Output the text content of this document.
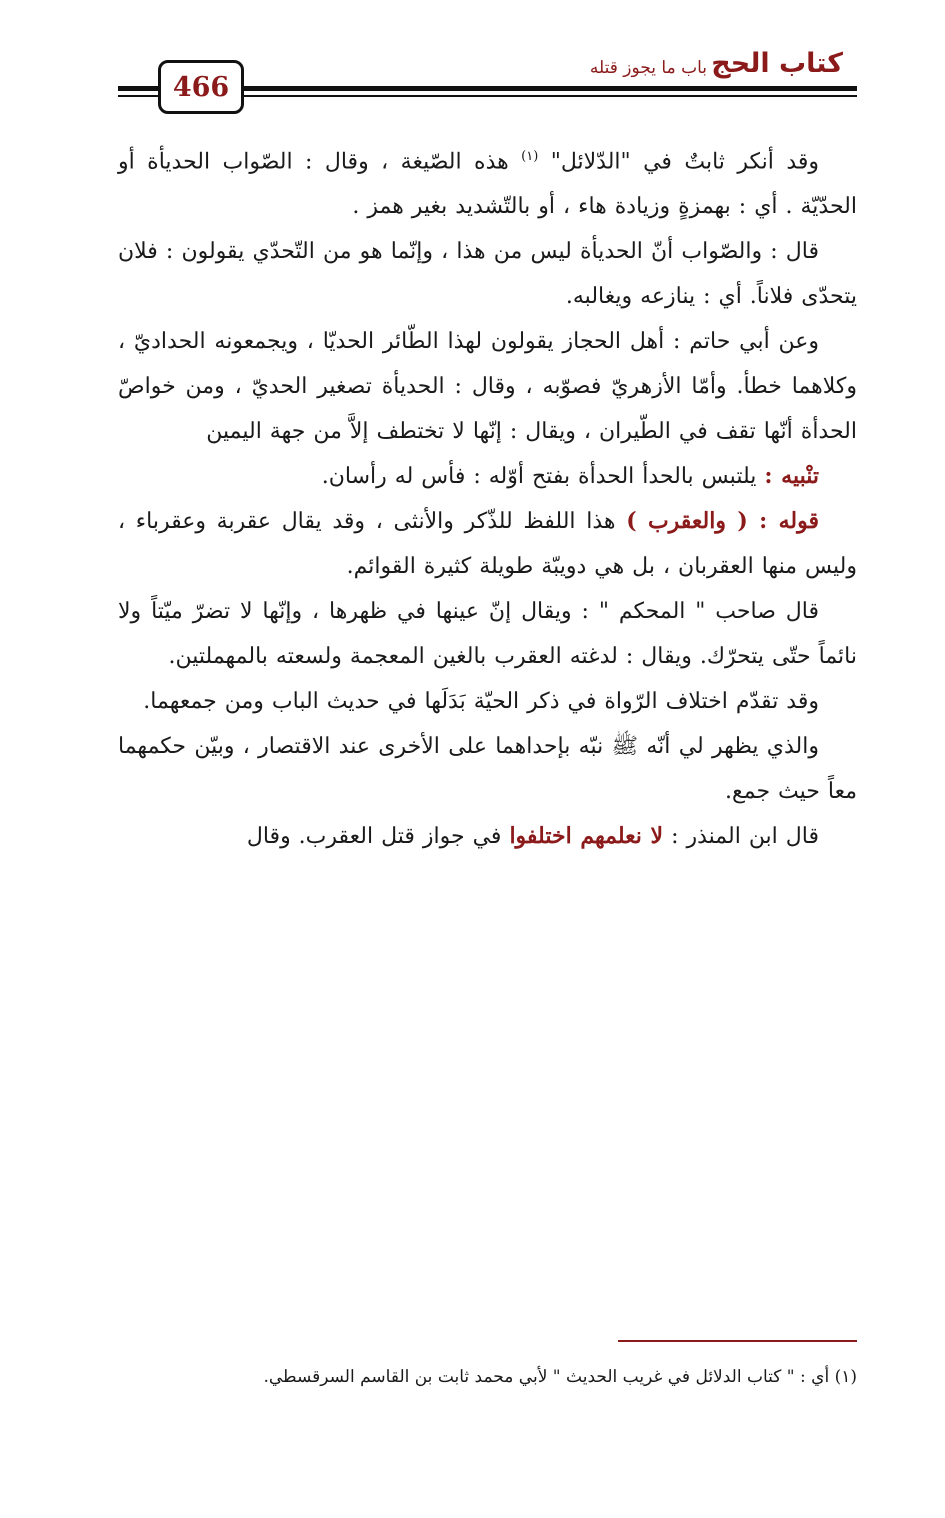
كتاب الحج
باب ما يجوز قتله
466

وقد أنكر ثابتٌ في "الدّلائل" $^{(١)}$ هذه الصّيغة ، وقال : الصّواب الحديأة أو الحدّيّة . أي : بهمزةٍ وزيادة هاء ، أو بالتّشديد بغير همز .

قال : والصّواب أنّ الحديأة ليس من هذا ، وإنّما هو من التّحدّي يقولون : فلان يتحدّى فلاناً. أي : ينازعه ويغالبه.

وعن أبي حاتم : أهل الحجاز يقولون لهذا الطّائر الحديّا ، ويجمعونه الحداديّ ، وكلاهما خطأ. وأمّا الأزهريّ فصوّبه ، وقال : الحديأة تصغير الحديّ ، ومن خواصّ الحدأة أنّها تقف في الطّيران ، ويقال : إنّها لا تختطف إلاَّ من جهة اليمين

تنْبيه : يلتبس بالحدأ الحدأة بفتح أوّله : فأس له رأسان.

قوله : ( والعقرب ) هذا اللفظ للذّكر والأنثى ، وقد يقال عقربة وعقرباء ، وليس منها العقربان ، بل هي دويبّة طويلة كثيرة القوائم.

قال صاحب " المحكم " : ويقال إنّ عينها في ظهرها ، وإنّها لا تضرّ ميّتاً ولا نائماً حتّى يتحرّك. ويقال : لدغته العقرب بالغين المعجمة ولسعته بالمهملتين.

وقد تقدّم اختلاف الرّواة في ذكر الحيّة بَدَلَها في حديث الباب ومن جمعهما.

والذي يظهر لي أنّه ﷺ نبّه بإحداهما على الأخرى عند الاقتصار ، وبيّن حكمهما معاً حيث جمع.

قال ابن المنذر : لا نعلمهم اختلفوا في جواز قتل العقرب. وقال

(١) أي : " كتاب الدلائل في غريب الحديث " لأبي محمد ثابت بن القاسم السرقسطي.
